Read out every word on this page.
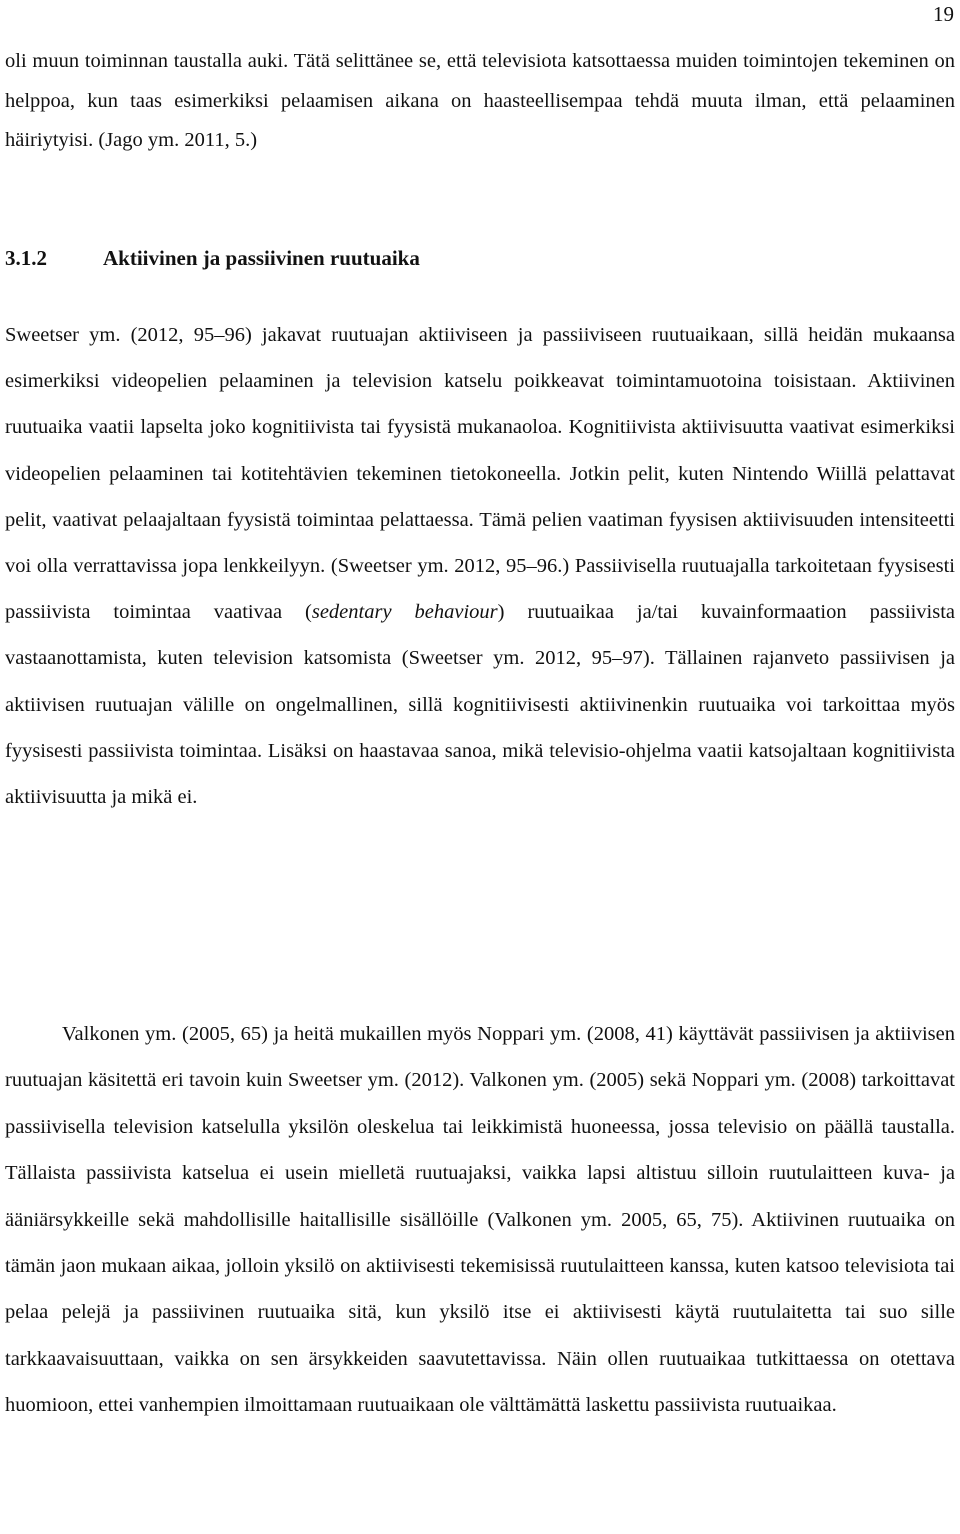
19

oli muun toiminnan taustalla auki. Tätä selittänee se, että televisiota katsottaessa muiden toimintojen tekeminen on helppoa, kun taas esimerkiksi pelaamisen aikana on haasteellisempaa tehdä muuta ilman, että pelaaminen häiriytyisi. (Jago ym. 2011, 5.)

3.1.2	Aktiivinen ja passiivinen ruutuaika

Sweetser ym. (2012, 95–96) jakavat ruutuajan aktiiviseen ja passiiviseen ruutuaikaan, sillä heidän mukaansa esimerkiksi videopelien pelaaminen ja television katselu poikkeavat toimintamuotoina toisistaan. Aktiivinen ruutuaika vaatii lapselta joko kognitiivista tai fyysistä mukanaoloa. Kognitiivista aktiivisuutta vaativat esimerkiksi videopelien pelaaminen tai kotitehtävien tekeminen tietokoneella. Jotkin pelit, kuten Nintendo Wiillä pelattavat pelit, vaativat pelaajaltaan fyysistä toimintaa pelattaessa. Tämä pelien vaatiman fyysisen aktiivisuuden intensiteetti voi olla verrattavissa jopa lenkkeilyyn. (Sweetser ym. 2012, 95–96.) Passiivisella ruutuajalla tarkoitetaan fyysisesti passiivista toimintaa vaativaa (sedentary behaviour) ruutuaikaa ja/tai kuvainformaation passiivista vastaanottamista, kuten television katsomista (Sweetser ym. 2012, 95–97). Tällainen rajanveto passiivisen ja aktiivisen ruutuajan välille on ongelmallinen, sillä kognitiivisesti aktiivinenkin ruutuaika voi tarkoittaa myös fyysisesti passiivista toimintaa. Lisäksi on haastavaa sanoa, mikä televisio-ohjelma vaatii katsojaltaan kognitiivista aktiivisuutta ja mikä ei.

Valkonen ym. (2005, 65) ja heitä mukaillen myös Noppari ym. (2008, 41) käyttävät passiivisen ja aktiivisen ruutuajan käsitettä eri tavoin kuin Sweetser ym. (2012). Valkonen ym. (2005) sekä Noppari ym. (2008) tarkoittavat passiivisella television katselulla yksilön oleskelua tai leikkimistä huoneessa, jossa televisio on päällä taustalla. Tällaista passiivista katselua ei usein mielletä ruutuajaksi, vaikka lapsi altistuu silloin ruutulaitteen kuva- ja ääniärsykkeille sekä mahdollisille haitallisille sisällöille (Valkonen ym. 2005, 65, 75). Aktiivinen ruutuaika on tämän jaon mukaan aikaa, jolloin yksilö on aktiivisesti tekemisissä ruutulaitteen kanssa, kuten katsoo televisiota tai pelaa pelejä ja passiivinen ruutuaika sitä, kun yksilö itse ei aktiivisesti käytä ruutulaitetta tai suo sille tarkkaavaisuuttaan, vaikka on sen ärsykkeiden saavutettavissa. Näin ollen ruutuaikaa tutkittaessa on otettava huomioon, ettei vanhempien ilmoittamaan ruutuaikaan ole välttämättä laskettu passiivista ruutuaikaa.
